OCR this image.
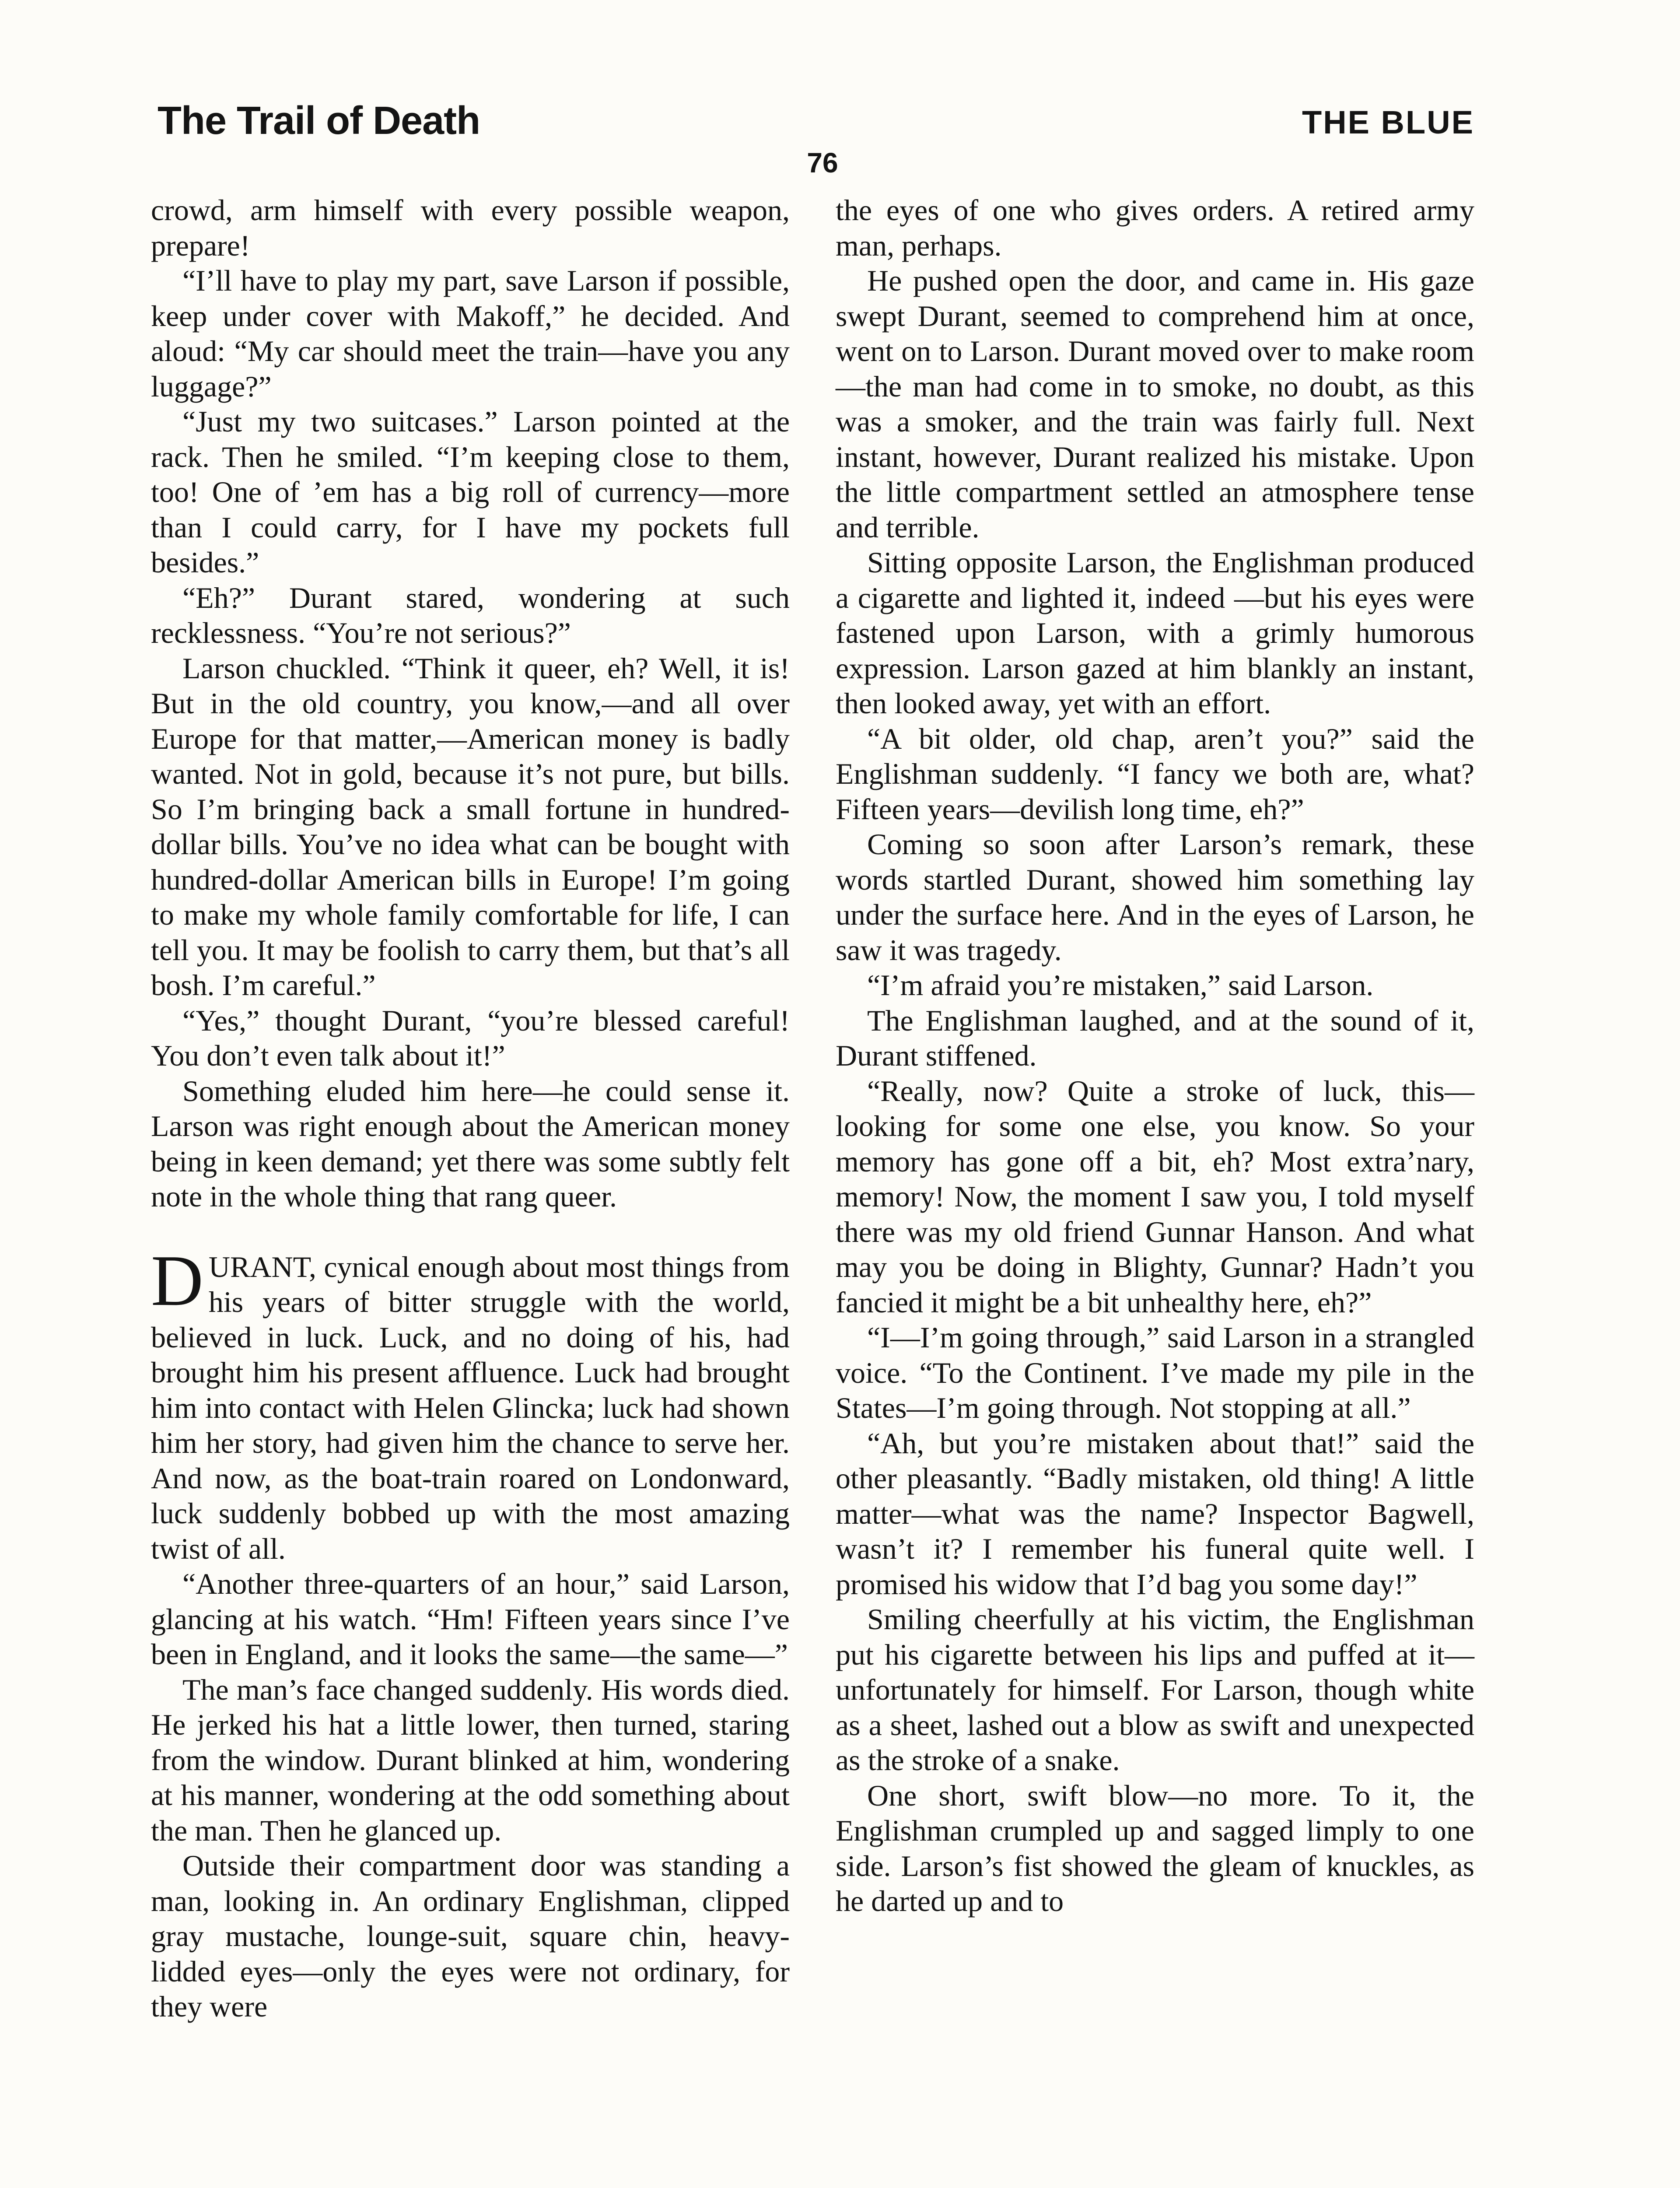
The Trail of Death	THE BLUE
76

crowd, arm himself with every possible weapon, prepare!

“I’ll have to play my part, save Larson if possible, keep under cover with Makoff,” he decided. And aloud: “My car should meet the train—have you any luggage?”

“Just my two suitcases.” Larson pointed at the rack. Then he smiled. “I’m keeping close to them, too! One of ’em has a big roll of currency—more than I could carry, for I have my pockets full besides.”

“Eh?” Durant stared, wondering at such recklessness. “You’re not serious?”

Larson chuckled. “Think it queer, eh? Well, it is! But in the old country, you know,—and all over Europe for that matter,—American money is badly wanted. Not in gold, because it’s not pure, but bills. So I’m bringing back a small fortune in hundred-dollar bills. You’ve no idea what can be bought with hundred-dollar American bills in Europe! I’m going to make my whole family comfortable for life, I can tell you. It may be foolish to carry them, but that’s all bosh. I’m careful.”

“Yes,” thought Durant, “you’re blessed careful! You don’t even talk about it!”

Something eluded him here—he could sense it. Larson was right enough about the American money being in keen demand; yet there was some subtly felt note in the whole thing that rang queer.

DURANT, cynical enough about most things from his years of bitter struggle with the world, believed in luck. Luck, and no doing of his, had brought him his present affluence. Luck had brought him into contact with Helen Glincka; luck had shown him her story, had given him the chance to serve her. And now, as the boat-train roared on Londonward, luck suddenly bobbed up with the most amazing twist of all.

“Another three-quarters of an hour,” said Larson, glancing at his watch. “Hm! Fifteen years since I’ve been in England, and it looks the same—the same—”

The man’s face changed suddenly. His words died. He jerked his hat a little lower, then turned, staring from the window. Durant blinked at him, wondering at his manner, wondering at the odd something about the man. Then he glanced up.

Outside their compartment door was standing a man, looking in. An ordinary Englishman, clipped gray mustache, lounge-suit, square chin, heavy-lidded eyes—only the eyes were not ordinary, for they were

the eyes of one who gives orders. A retired army man, perhaps.

He pushed open the door, and came in. His gaze swept Durant, seemed to comprehend him at once, went on to Larson. Durant moved over to make room—the man had come in to smoke, no doubt, as this was a smoker, and the train was fairly full. Next instant, however, Durant realized his mistake. Upon the little compartment settled an atmosphere tense and terrible.

Sitting opposite Larson, the Englishman produced a cigarette and lighted it, indeed —but his eyes were fastened upon Larson, with a grimly humorous expression. Larson gazed at him blankly an instant, then looked away, yet with an effort.

“A bit older, old chap, aren’t you?” said the Englishman suddenly. “I fancy we both are, what? Fifteen years—devilish long time, eh?”

Coming so soon after Larson’s remark, these words startled Durant, showed him something lay under the surface here. And in the eyes of Larson, he saw it was tragedy.

“I’m afraid you’re mistaken,” said Larson.

The Englishman laughed, and at the sound of it, Durant stiffened.

“Really, now? Quite a stroke of luck, this—looking for some one else, you know. So your memory has gone off a bit, eh? Most extra’nary, memory! Now, the moment I saw you, I told myself there was my old friend Gunnar Hanson. And what may you be doing in Blighty, Gunnar? Hadn’t you fancied it might be a bit unhealthy here, eh?”

“I—I’m going through,” said Larson in a strangled voice. “To the Continent. I’ve made my pile in the States—I’m going through. Not stopping at all.”

“Ah, but you’re mistaken about that!” said the other pleasantly. “Badly mistaken, old thing! A little matter—what was the name? Inspector Bagwell, wasn’t it? I remember his funeral quite well. I promised his widow that I’d bag you some day!”

Smiling cheerfully at his victim, the Englishman put his cigarette between his lips and puffed at it—unfortunately for himself. For Larson, though white as a sheet, lashed out a blow as swift and unexpected as the stroke of a snake.

One short, swift blow—no more. To it, the Englishman crumpled up and sagged limply to one side. Larson’s fist showed the gleam of knuckles, as he darted up and to
